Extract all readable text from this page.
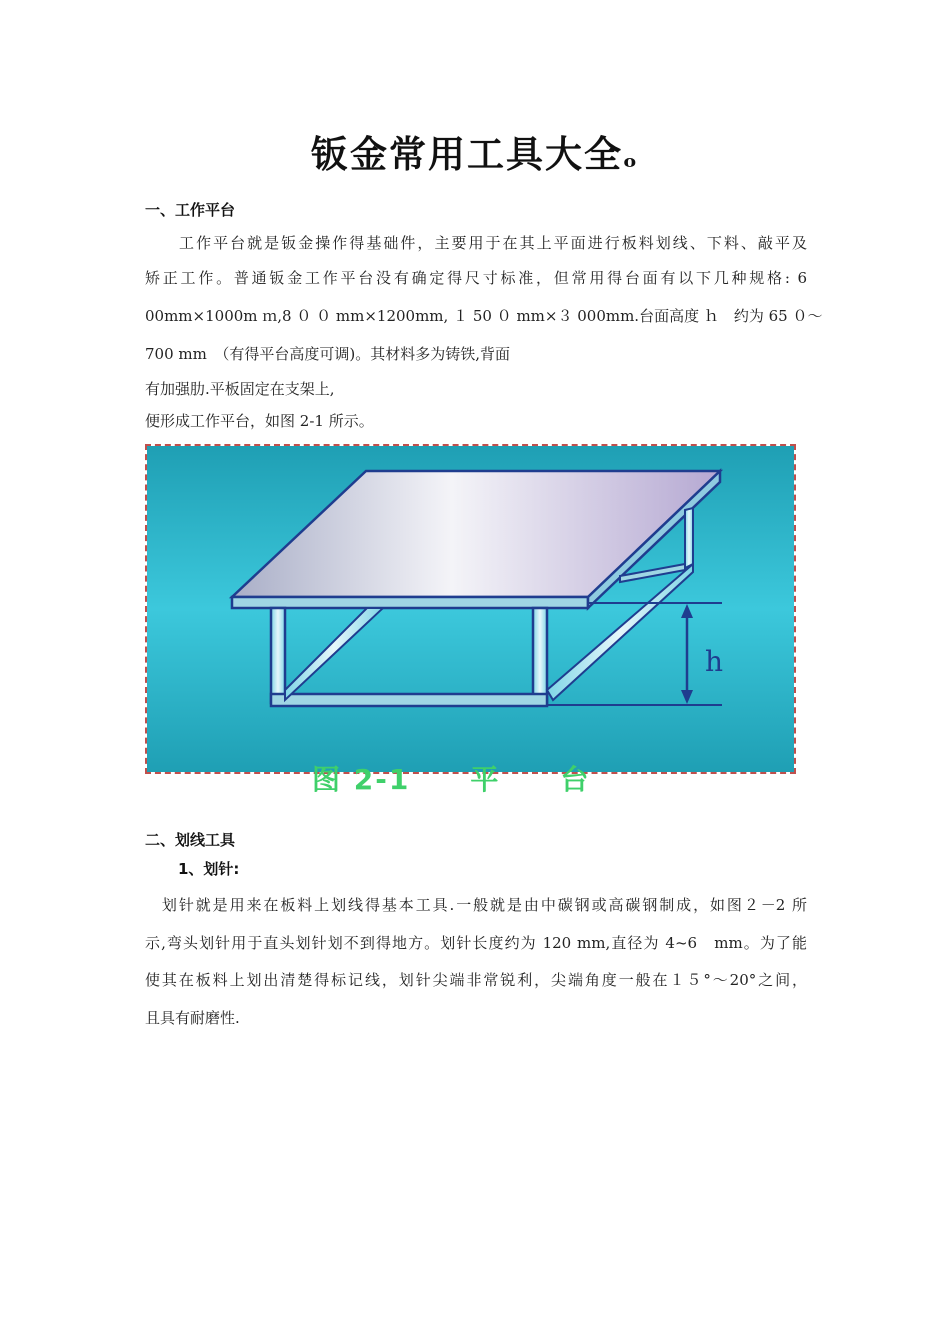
钣金常用工具大全ₒ
一、工作平台
　　工作平台就是钣金操作得基础件，主要用于在其上平面进行板料划线、下料、敲平及
矫正工作。普通钣金工作平台没有确定得尺寸标准，但常用得台面有以下几种规格: 6
00mm×1000m ｍ,8 ０ ０ mm×1200mm, １ 50 ０ mm×３ 000mm.台面高度 ｈ　约为 65 ０～
700 mm　（有得平台高度可调)。其材料多为铸铁,背面
有加强肋.平板固定在支架上,
便形成工作平台，如图 2-1 所示。
h
图 2-1　　平　　台
二、划线工具
1、划针:
　划针就是用来在板料上划线得基本工具.一般就是由中碳钢或高碳钢制成，如图２－2 所
示,弯头划针用于直头划针划不到得地方。划针长度约为 120 mm,直径为 4~6　mm。为了能
使其在板料上划出清楚得标记线，划针尖端非常锐利，尖端角度一般在１５°～20°之间，
且具有耐磨性.
